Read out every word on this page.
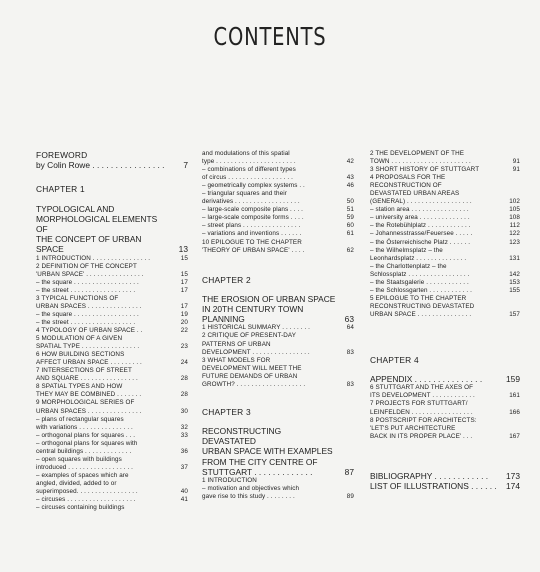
CONTENTS
FOREWORD
by Colin Rowe . . . . . . . . . . . . . . . .	7
CHAPTER 1
TYPOLOGICAL AND
MORPHOLOGICAL ELEMENTS OF
THE CONCEPT OF URBAN SPACE	13
1 INTRODUCTION . . . . . . . . . . . . . . . .	15
2 DEFINITION OF THE CONCEPT
'URBAN SPACE' . . . . . . . . . . . . . . . .	15
– the square . . . . . . . . . . . . . . . . . .	17
– the street . . . . . . . . . . . . . . . . . .	17
3 TYPICAL FUNCTIONS OF
URBAN SPACES . . . . . . . . . . . . . . .	17
– the square . . . . . . . . . . . . . . . . . .	19
– the street . . . . . . . . . . . . . . . . . .	20
4 TYPOLOGY OF URBAN SPACE . .	22
5 MODULATION OF A GIVEN
SPATIAL TYPE . . . . . . . . . . . . . . . .	23
6 HOW BUILDING SECTIONS
AFFECT URBAN SPACE . . . . . . . . .	24
7 INTERSECTIONS OF STREET
AND SQUARE . . . . . . . . . . . . . . . .	28
8 SPATIAL TYPES AND HOW
THEY MAY BE COMBINED . . . . . . .	28
9 MORPHOLOGICAL SERIES OF
URBAN SPACES . . . . . . . . . . . . . . .	30
– plans of rectangular squares
with variations . . . . . . . . . . . . . . .	32
– orthogonal plans for squares . . .	33
– orthogonal plans for squares with
central buildings . . . . . . . . . . . . .	36
– open squares with buildings
introduced . . . . . . . . . . . . . . . . . .	37
– examples of spaces which are
angled, divided, added to or
superimposed. . . . . . . . . . . . . . . . .	40
– circuses . . . . . . . . . . . . . . . . . . .	41
– circuses containing buildings
and modulations of this spatial
type . . . . . . . . . . . . . . . . . . . . . .	42
– combinations of different types
of circus . . . . . . . . . . . . . . . . . .	43
– geometrically complex systems . .	46
– triangular squares and their
derivatives . . . . . . . . . . . . . . . . . .	50
– large-scale composite plans . . . .	51
– large-scale composite forms . . . .	59
– street plans . . . . . . . . . . . . . . . .	60
– variations and inventions . . . . . .	61
10 EPILOGUE TO THE CHAPTER
'THEORY OF URBAN SPACE' . . . .	62
CHAPTER 2
THE EROSION OF URBAN SPACE
IN 20TH CENTURY TOWN
PLANNING	63
1 HISTORICAL SUMMARY . . . . . . . .	64
2 CRITIQUE OF PRESENT-DAY
PATTERNS OF URBAN
DEVELOPMENT . . . . . . . . . . . . . . . .	83
3 WHAT MODELS FOR
DEVELOPMENT WILL MEET THE
FUTURE DEMANDS OF URBAN
GROWTH? . . . . . . . . . . . . . . . . . . .	83
CHAPTER 3
RECONSTRUCTING DEVASTATED
URBAN SPACE WITH EXAMPLES
FROM THE CITY CENTRE OF
STUTTGART . . . . . . . . . . . . .	87
1 INTRODUCTION
– motivation and objectives which
gave rise to this study . . . . . . . .	89
2 THE DEVELOPMENT OF THE
TOWN . . . . . . . . . . . . . . . . . . . . . .	91
3 SHORT HISTORY OF STUTTGART	91
4 PROPOSALS FOR THE
RECONSTRUCTION OF
DEVASTATED URBAN AREAS
(GENERAL) . . . . . . . . . . . . . . . . . .	102
– station area . . . . . . . . . . . . . . . .	105
– university area . . . . . . . . . . . . . .	108
– the Rotebühlplatz . . . . . . . . . . . .	112
– Johannesstrasse/Feuersee . . . . .	122
– the Österreichische Platz . . . . . .	123
– the Wilhelmsplatz – the
Leonhardsplatz . . . . . . . . . . . . . .	131
– the Charlottenplatz – the
Schlossplatz . . . . . . . . . . . . . . . . .	142
– the Staatsgalerie . . . . . . . . . . . .	153
– the Schlossgarten . . . . . . . . . . . .	155
5 EPILOGUE TO THE CHAPTER
RECONSTRUCTING DEVASTATED
URBAN SPACE . . . . . . . . . . . . . . .	157
CHAPTER 4
APPENDIX . . . . . . . . . . . . . . .	159
6 STUTTGART AND THE AXES OF
ITS DEVELOPMENT . . . . . . . . . . . .	161
7 PROJECTS FOR STUTTGART/
LEINFELDEN . . . . . . . . . . . . . . . . .	166
8 POSTSCRIPT FOR ARCHITECTS:
'LET'S PUT ARCHITECTURE
BACK IN ITS PROPER PLACE' . . .	167
BIBLIOGRAPHY . . . . . . . . . . . .	173
LIST OF ILLUSTRATIONS . . . . . .	174
